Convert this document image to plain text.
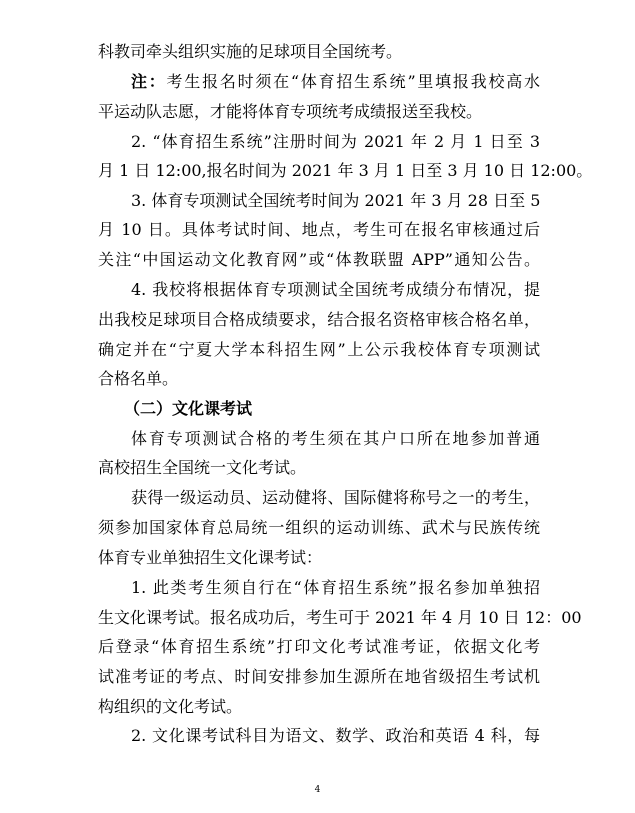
科教司牵头组织实施的足球项目全国统考。
注：考生报名时须在“体育招生系统”里填报我校高水
平运动队志愿，才能将体育专项统考成绩报送至我校。
2. “体育招生系统”注册时间为 2021 年 2 月 1 日至 3
月 1 日 12:00,报名时间为 2021 年 3 月 1 日至 3 月 10 日 12:00。
3. 体育专项测试全国统考时间为 2021 年 3 月 28 日至 5
月 10 日。具体考试时间、地点，考生可在报名审核通过后
关注“中国运动文化教育网”或“体教联盟 APP”通知公告。
4. 我校将根据体育专项测试全国统考成绩分布情况，提
出我校足球项目合格成绩要求，结合报名资格审核合格名单，
确定并在“宁夏大学本科招生网”上公示我校体育专项测试
合格名单。
（二）文化课考试
体育专项测试合格的考生须在其户口所在地参加普通
高校招生全国统一文化考试。
获得一级运动员、运动健将、国际健将称号之一的考生，
须参加国家体育总局统一组织的运动训练、武术与民族传统
体育专业单独招生文化课考试：
1. 此类考生须自行在“体育招生系统”报名参加单独招
生文化课考试。报名成功后，考生可于 2021 年 4 月 10 日 12：00
后登录“体育招生系统”打印文化考试准考证，依据文化考
试准考证的考点、时间安排参加生源所在地省级招生考试机
构组织的文化考试。
2. 文化课考试科目为语文、数学、政治和英语 4 科，每
4
